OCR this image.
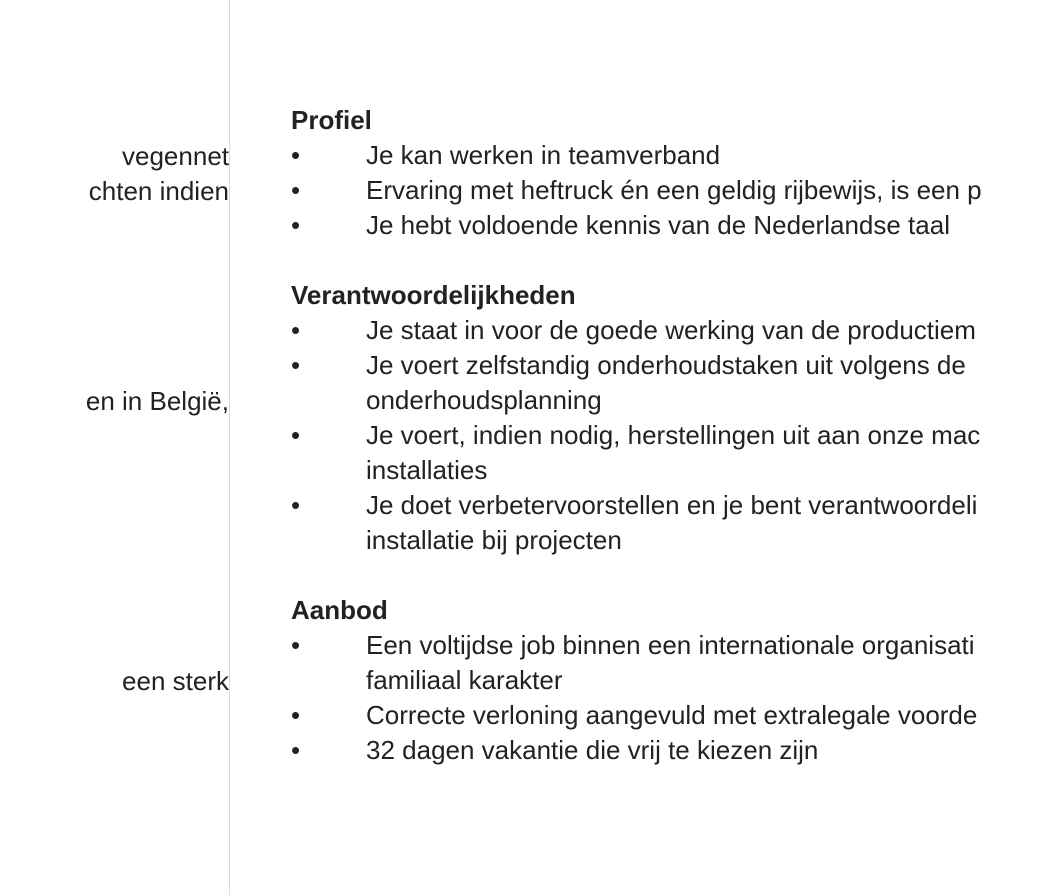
vegennet
chten indien
en in België,
een sterk
Profiel
•	Je kan werken in teamverband
•	Ervaring met heftruck én een geldig rijbewijs, is een p
•	Je hebt voldoende kennis van de Nederlandse taal
Verantwoordelijkheden
•	Je staat in voor de goede werking van de productiem
•	Je voert zelfstandig onderhoudstaken uit volgens de
onderhoudsplanning
•	Je voert, indien nodig, herstellingen uit aan onze mac
installaties
•	Je doet verbetervoorstellen en je bent verantwoordeli
installatie bij projecten
Aanbod
•	Een voltijdse job binnen een internationale organisati
familiaal karakter
•	Correcte verloning aangevuld met extralegale voorde
•	32 dagen vakantie die vrij te kiezen zijn
